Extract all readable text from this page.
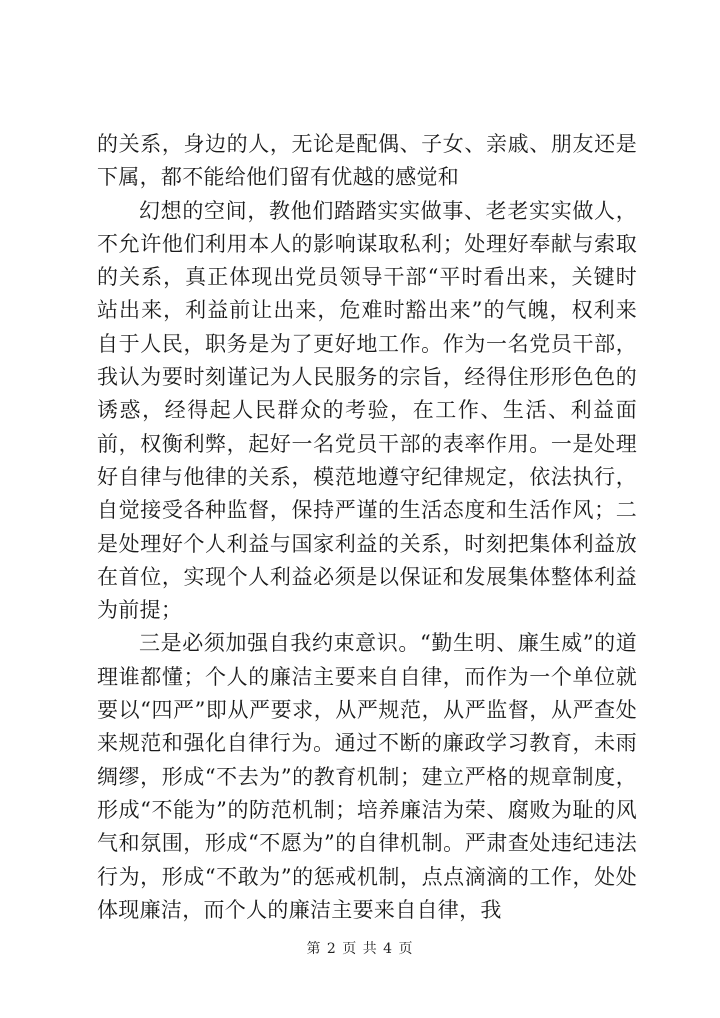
的关系，身边的人，无论是配偶、子女、亲戚、朋友还是下属，都不能给他们留有优越的感觉和

幻想的空间，教他们踏踏实实做事、老老实实做人，不允许他们利用本人的影响谋取私利；处理好奉献与索取的关系，真正体现出党员领导干部“平时看出来，关键时站出来，利益前让出来，危难时豁出来”的气魄，权利来自于人民，职务是为了更好地工作。作为一名党员干部，我认为要时刻谨记为人民服务的宗旨，经得住形形色色的诱惑，经得起人民群众的考验，在工作、生活、利益面前，权衡利弊，起好一名党员干部的表率作用。一是处理好自律与他律的关系，模范地遵守纪律规定，依法执行，自觉接受各种监督，保持严谨的生活态度和生活作风；二是处理好个人利益与国家利益的关系，时刻把集体利益放在首位，实现个人利益必须是以保证和发展集体整体利益为前提；

三是必须加强自我约束意识。“勤生明、廉生威”的道理谁都懂；个人的廉洁主要来自自律，而作为一个单位就要以“四严”即从严要求，从严规范，从严监督，从严查处来规范和强化自律行为。通过不断的廉政学习教育，未雨绸缪，形成“不去为”的教育机制；建立严格的规章制度，形成“不能为”的防范机制；培养廉洁为荣、腐败为耻的风气和氛围，形成“不愿为”的自律机制。严肃查处违纪违法行为，形成“不敢为”的惩戒机制，点点滴滴的工作，处处体现廉洁，而个人的廉洁主要来自自律，我

第 2 页 共 4 页
